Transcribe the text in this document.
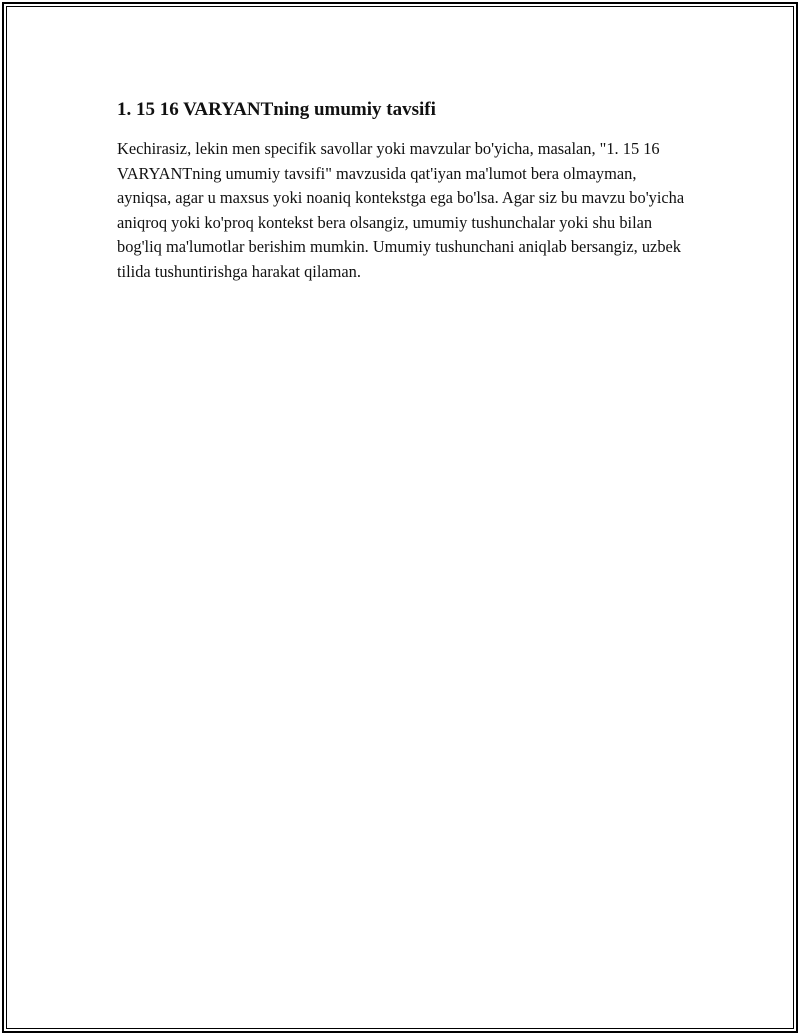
1. 15 16 VARYANTning umumiy tavsifi

Kechirasiz, lekin men specifik savollar yoki mavzular bo'yicha, masalan, "1. 15 16 VARYANTning umumiy tavsifi" mavzusida qat'iyan ma'lumot bera olmayman, ayniqsa, agar u maxsus yoki noaniq kontekstga ega bo'lsa. Agar siz bu mavzu bo'yicha aniqroq yoki ko'proq kontekst bera olsangiz, umumiy tushunchalar yoki shu bilan bog'liq ma'lumotlar berishim mumkin. Umumiy tushunchani aniqlab bersangiz, uzbek tilida tushuntirishga harakat qilaman.
